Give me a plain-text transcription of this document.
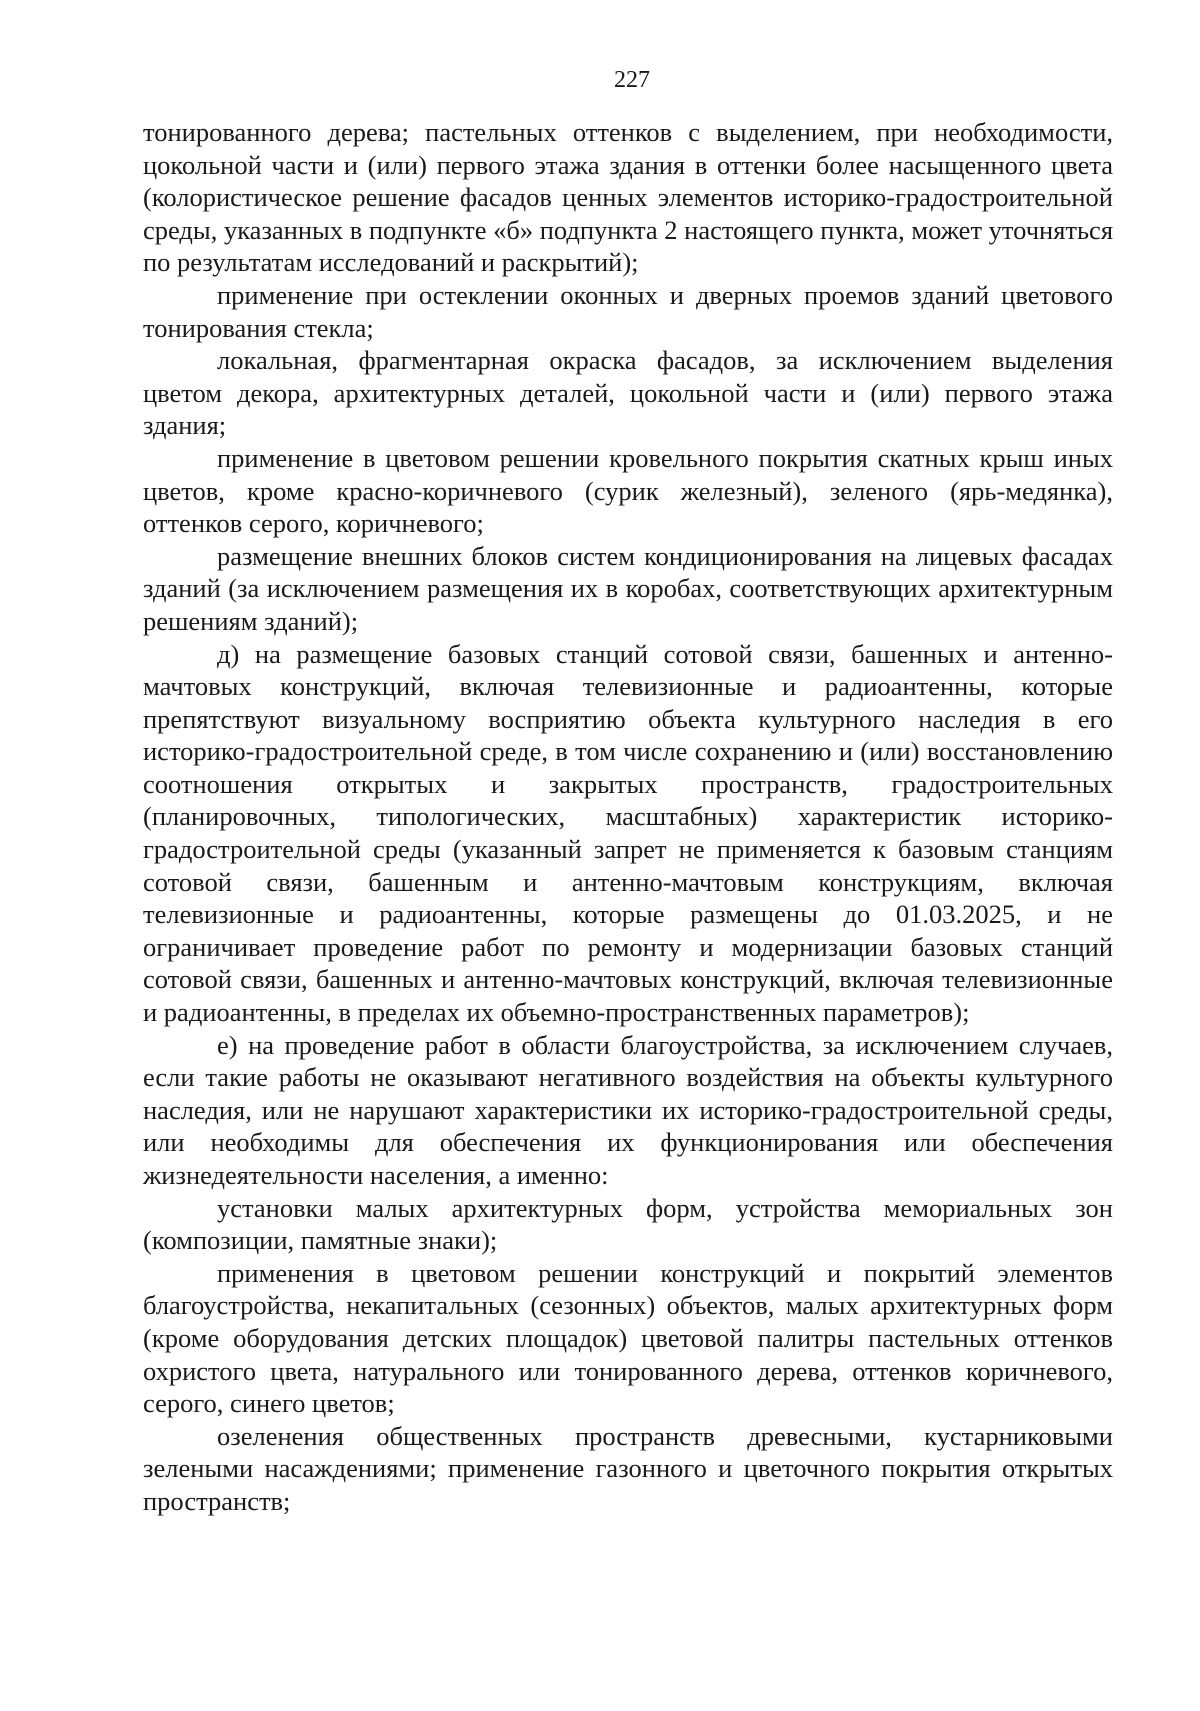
227

тонированного дерева; пастельных оттенков с выделением, при необходимости, цокольной части и (или) первого этажа здания в оттенки более насыщенного цвета (колористическое решение фасадов ценных элементов историко-градостроительной среды, указанных в подпункте «б» подпункта 2 настоящего пункта, может уточняться по результатам исследований и раскрытий);

применение при остеклении оконных и дверных проемов зданий цветового тонирования стекла;

локальная, фрагментарная окраска фасадов, за исключением выделения цветом декора, архитектурных деталей, цокольной части и (или) первого этажа здания;

применение в цветовом решении кровельного покрытия скатных крыш иных цветов, кроме красно-коричневого (сурик железный), зеленого (ярь-медянка), оттенков серого, коричневого;

размещение внешних блоков систем кондиционирования на лицевых фасадах зданий (за исключением размещения их в коробах, соответствующих архитектурным решениям зданий);

д) на размещение базовых станций сотовой связи, башенных и антенно-мачтовых конструкций, включая телевизионные и радиоантенны, которые препятствуют визуальному восприятию объекта культурного наследия в его историко-градостроительной среде, в том числе сохранению и (или) восстановлению соотношения открытых и закрытых пространств, градостроительных (планировочных, типологических, масштабных) характеристик историко-градостроительной среды (указанный запрет не применяется к базовым станциям сотовой связи, башенным и антенно-мачтовым конструкциям, включая телевизионные и радиоантенны, которые размещены до 01.03.2025, и не ограничивает проведение работ по ремонту и модернизации базовых станций сотовой связи, башенных и антенно-мачтовых конструкций, включая телевизионные и радиоантенны, в пределах их объемно-пространственных параметров);

е) на проведение работ в области благоустройства, за исключением случаев, если такие работы не оказывают негативного воздействия на объекты культурного наследия, или не нарушают характеристики их историко-градостроительной среды, или необходимы для обеспечения их функционирования или обеспечения жизнедеятельности населения, а именно:

установки малых архитектурных форм, устройства мемориальных зон (композиции, памятные знаки);

применения в цветовом решении конструкций и покрытий элементов благоустройства, некапитальных (сезонных) объектов, малых архитектурных форм (кроме оборудования детских площадок) цветовой палитры пастельных оттенков охристого цвета, натурального или тонированного дерева, оттенков коричневого, серого, синего цветов;

озеленения общественных пространств древесными, кустарниковыми зелеными насаждениями; применение газонного и цветочного покрытия открытых пространств;
